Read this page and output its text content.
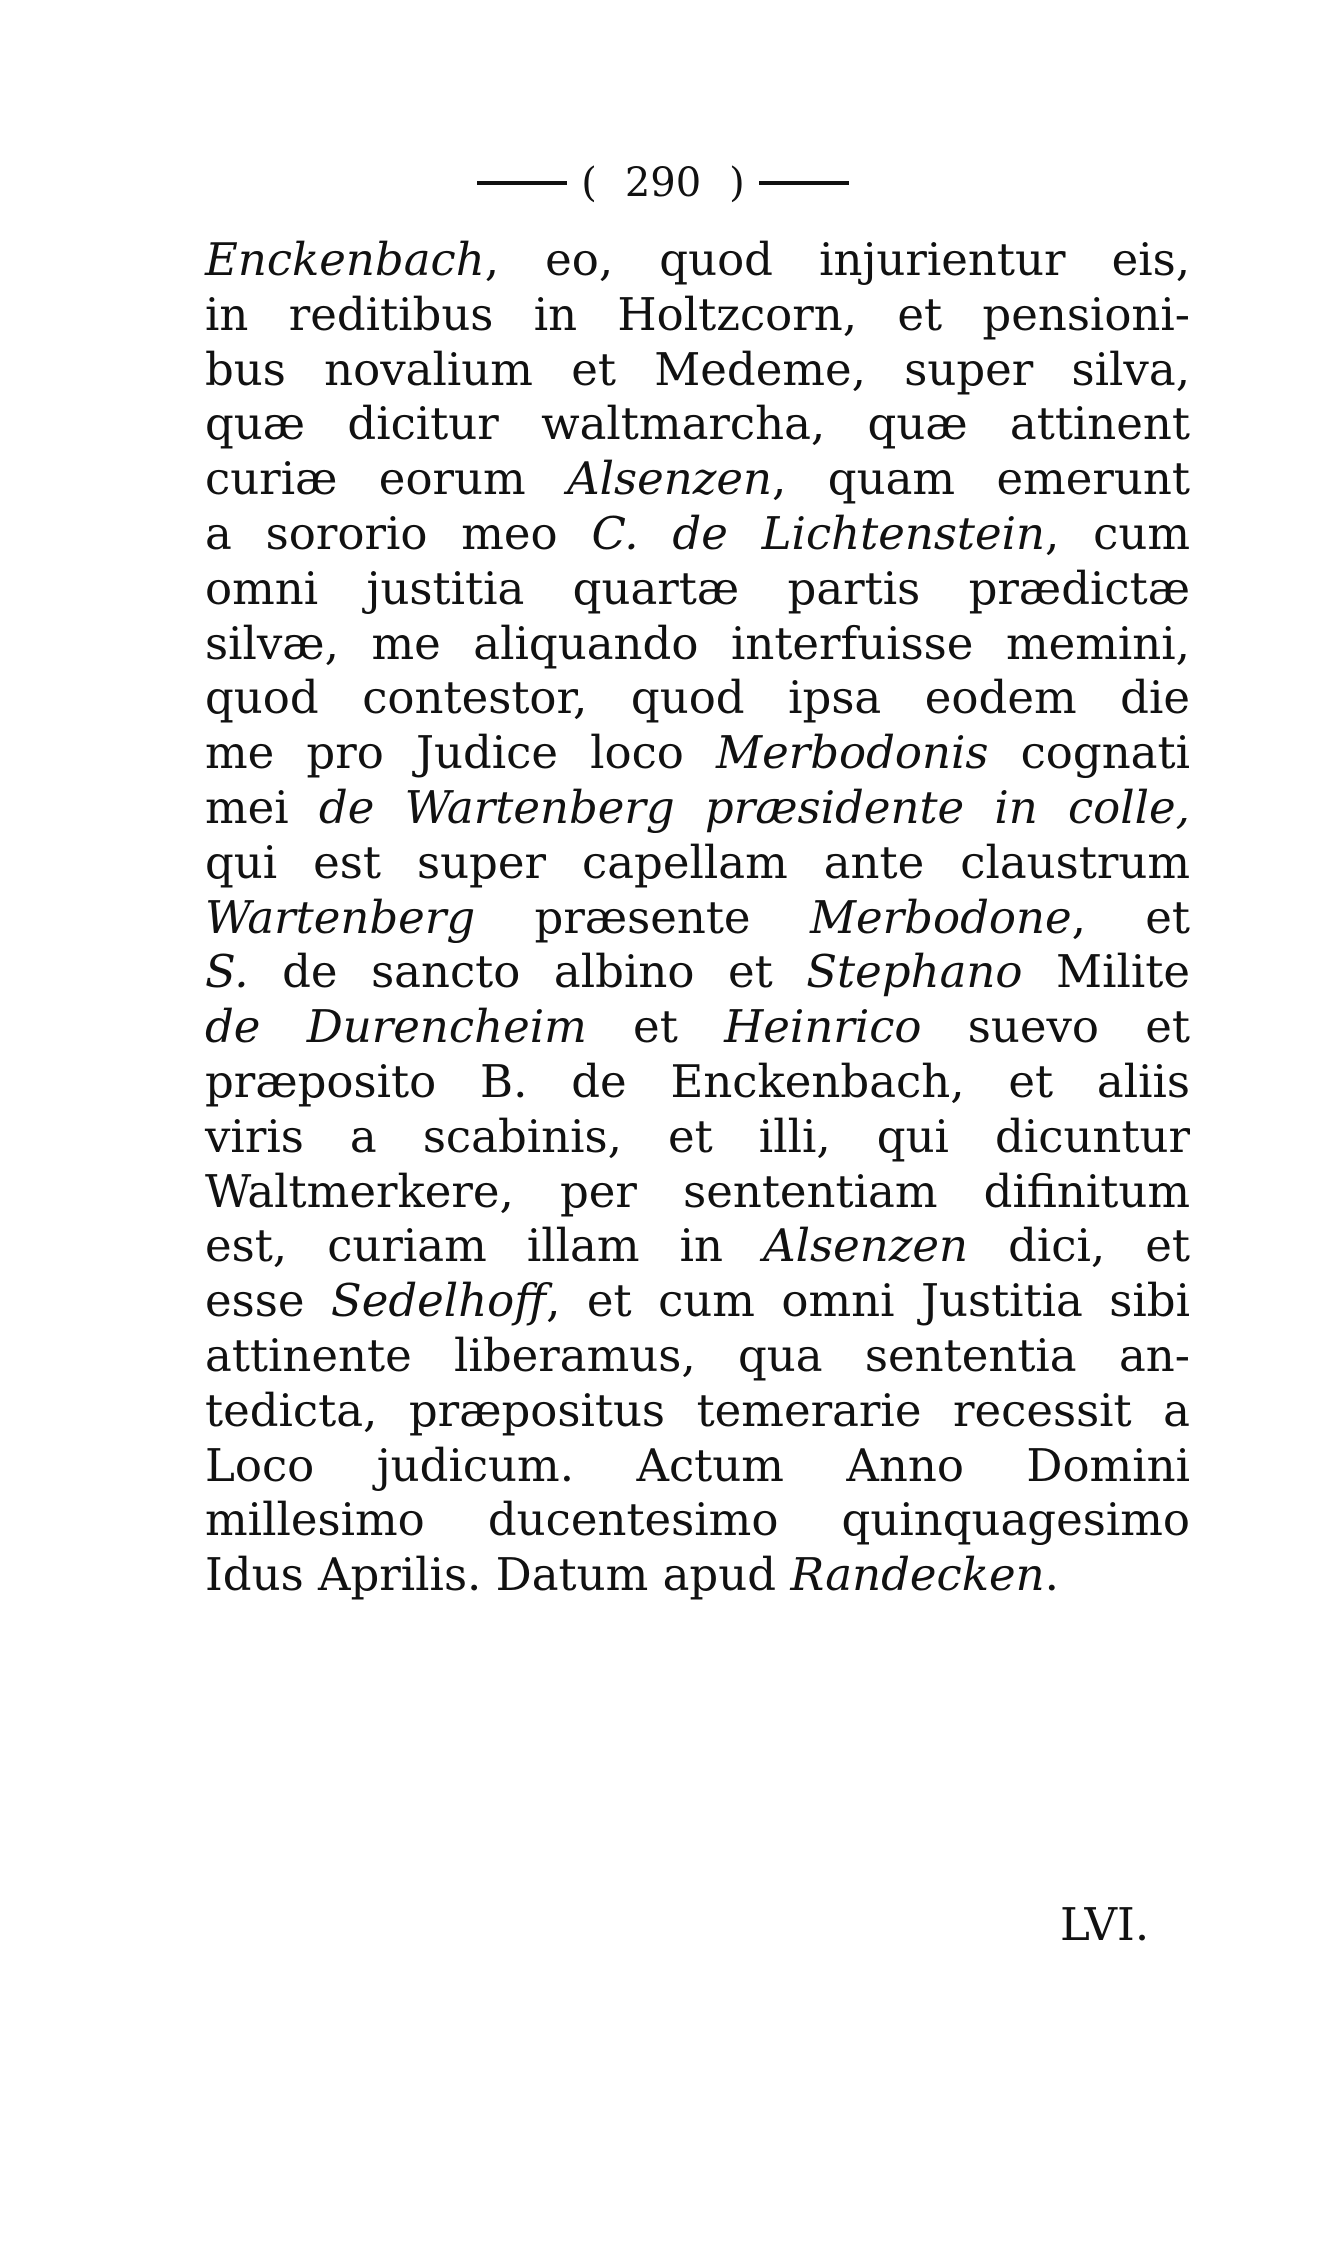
( 290 )
Enckenbach, eo, quod injurientur eis,
in reditibus in Holtzcorn, et pensioni-
bus novalium et Medeme, super silva,
quæ dicitur waltmarcha, quæ attinent
curiæ eorum Alsenzen, quam emerunt
a sororio meo C. de Lichtenstein, cum
omni justitia quartæ partis prædictæ
silvæ, me aliquando interfuisse memini,
quod contestor, quod ipsa eodem die
me pro Judice loco Merbodonis cognati
mei de Wartenberg præsidente in colle,
qui est super capellam ante claustrum
Wartenberg præsente Merbodone, et
S. de sancto albino et Stephano Milite
de Durencheim et Heinrico suevo et
præposito B. de Enckenbach, et aliis
viris a scabinis, et illi, qui dicuntur
Waltmerkere, per sententiam difinitum
est, curiam illam in Alsenzen dici, et
esse Sedelhoff, et cum omni Justitia sibi
attinente liberamus, qua sententia an-
tedicta, præpositus temerarie recessit a
Loco judicum. Actum Anno Domini
millesimo ducentesimo quinquagesimo
Idus Aprilis. Datum apud Randecken.
LVI.
